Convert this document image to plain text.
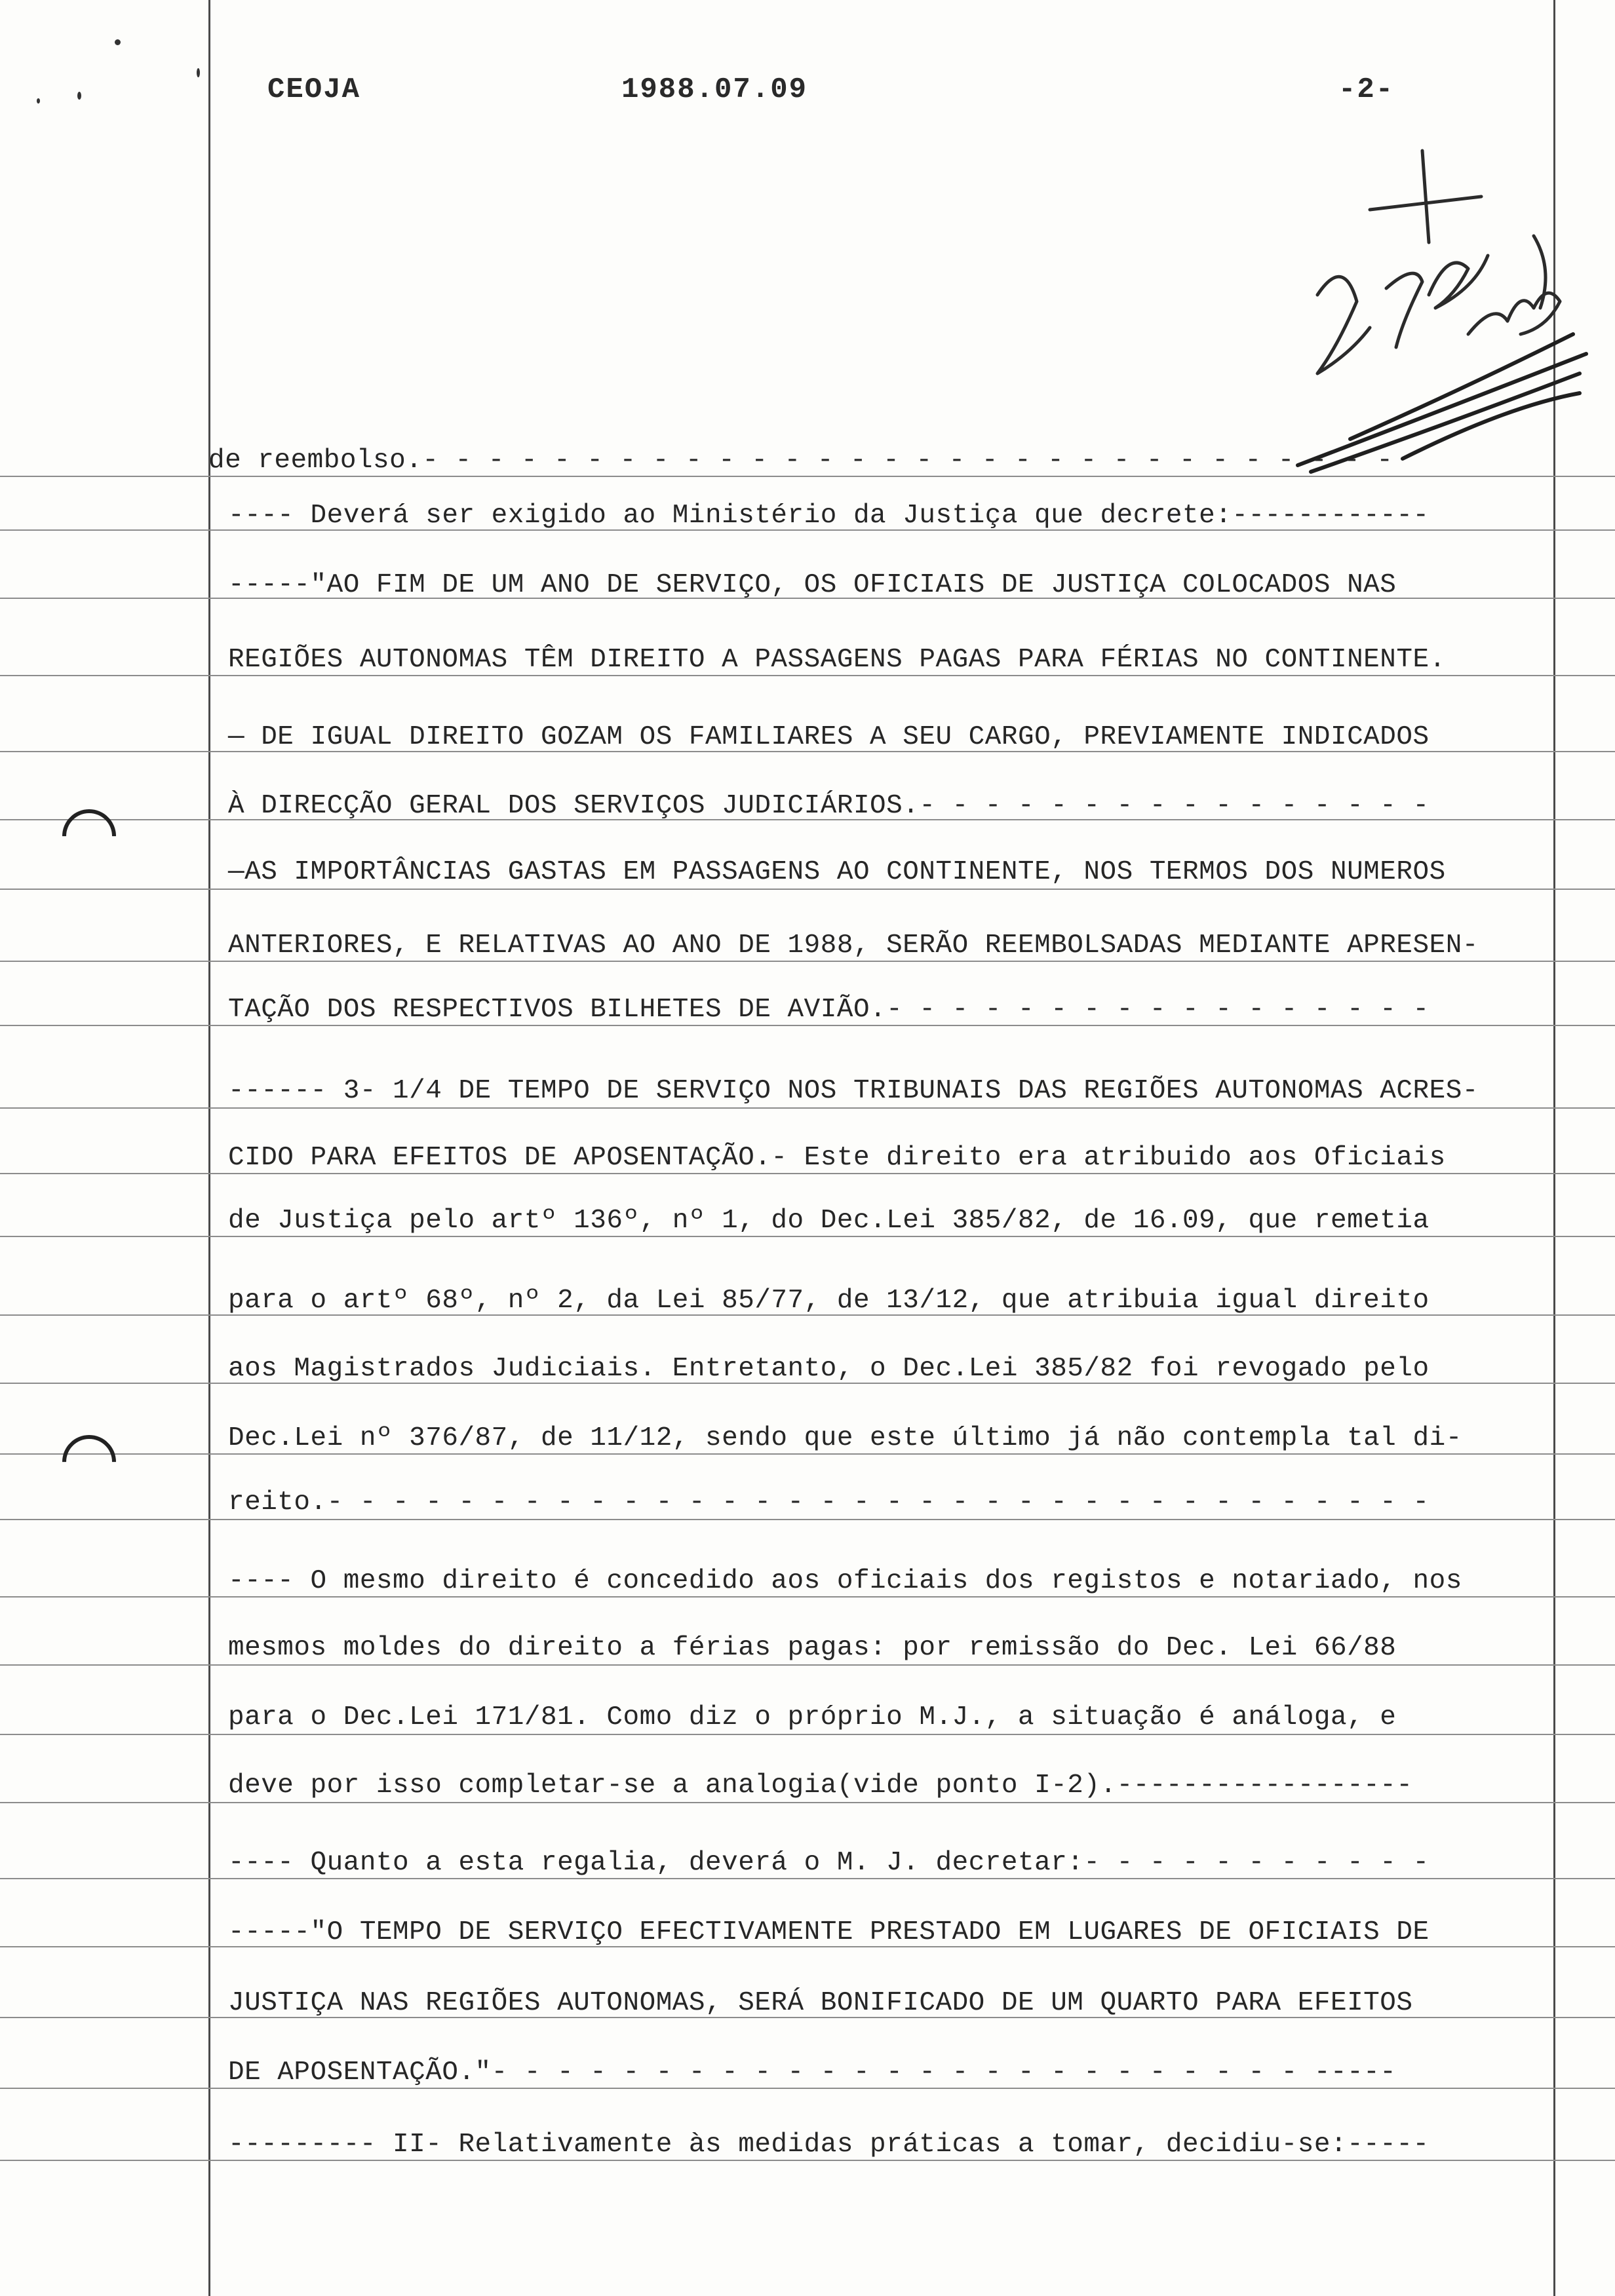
CEOJA	1988.07.09	-2-
de reembolso.- - - - - - - - - - - - - - - - - - - - - - - - - - - - - -
---- Deverá ser exigido ao Ministério da Justiça que decrete:------------
-----"AO FIM DE UM ANO DE SERVIÇO, OS OFICIAIS DE JUSTIÇA COLOCADOS NAS
REGIÕES AUTONOMAS TÊM DIREITO A PASSAGENS PAGAS PARA FÉRIAS NO CONTINENTE.
— DE IGUAL DIREITO GOZAM OS FAMILIARES A SEU CARGO, PREVIAMENTE INDICADOS
À DIRECÇÃO GERAL DOS SERVIÇOS JUDICIÁRIOS.- - - - - - - - - - - - - - - -
—AS IMPORTÂNCIAS GASTAS EM PASSAGENS AO CONTINENTE, NOS TERMOS DOS NUMEROS
ANTERIORES, E RELATIVAS AO ANO DE 1988, SERÃO REEMBOLSADAS MEDIANTE APRESEN-
TAÇÃO DOS RESPECTIVOS BILHETES DE AVIÃO.- - - - - - - - - - - - - - - - -
------ 3- 1/4 DE TEMPO DE SERVIÇO NOS TRIBUNAIS DAS REGIÕES AUTONOMAS ACRES-
CIDO PARA EFEITOS DE APOSENTAÇÃO.- Este direito era atribuido aos Oficiais
de Justiça pelo artº 136º, nº 1, do Dec.Lei 385/82, de 16.09, que remetia
para o artº 68º, nº 2, da Lei 85/77, de 13/12, que atribuia igual direito
aos Magistrados Judiciais. Entretanto, o Dec.Lei 385/82 foi revogado pelo
Dec.Lei nº 376/87, de 11/12, sendo que este último já não contempla tal di-
reito.- - - - - - - - - - - - - - - - - - - - - - - - - - - - - - - - - -
---- O mesmo direito é concedido aos oficiais dos registos e notariado, nos
mesmos moldes do direito a férias pagas: por remissão do Dec. Lei 66/88
para o Dec.Lei 171/81. Como diz o próprio M.J., a situação é análoga, e
deve por isso completar-se a analogia(vide ponto I-2).------------------
---- Quanto a esta regalia, deverá o M. J. decretar:- - - - - - - - - - -
-----"O TEMPO DE SERVIÇO EFECTIVAMENTE PRESTADO EM LUGARES DE OFICIAIS DE
JUSTIÇA NAS REGIÕES AUTONOMAS, SERÁ BONIFICADO DE UM QUARTO PARA EFEITOS
DE APOSENTAÇÃO."- - - - - - - - - - - - - - - - - - - - - - - - - -----
--------- II- Relativamente às medidas práticas a tomar, decidiu-se:-----
